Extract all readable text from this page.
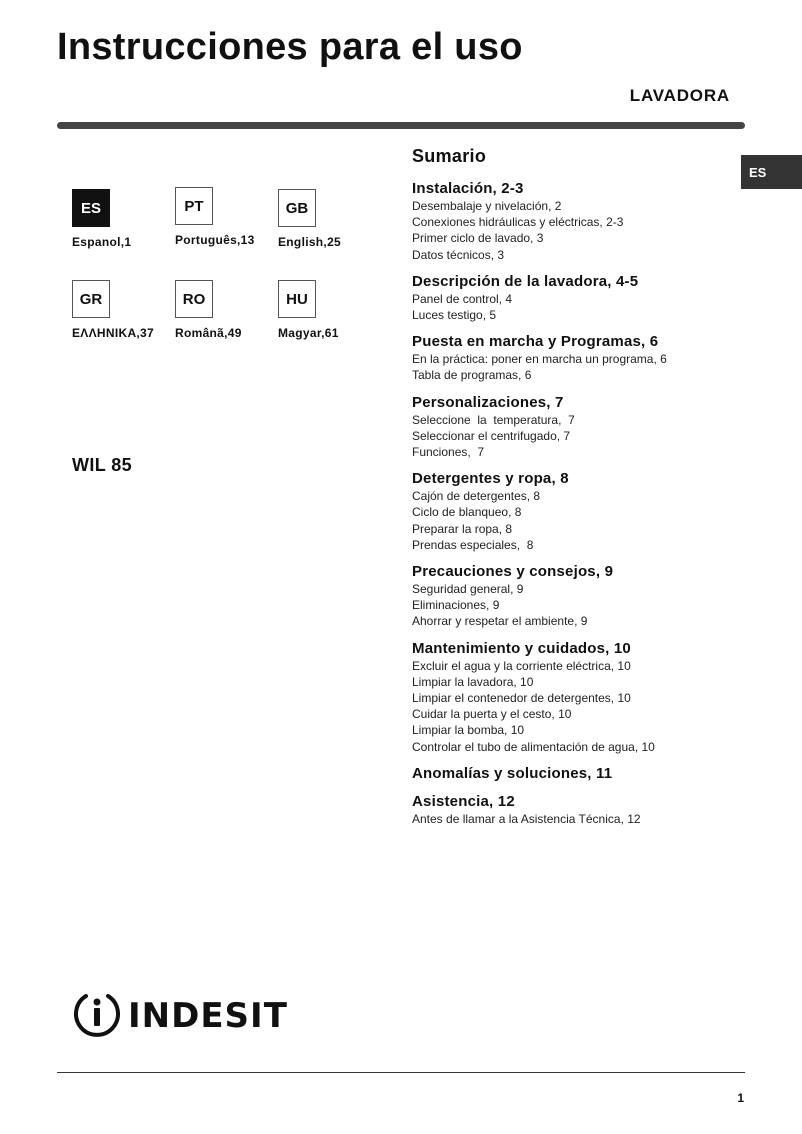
Instrucciones para el uso
LAVADORA
ES
ES
Espanol,1
PT
Português,13
GB
English,25
GR
ΕΛΛΗΝΙΚΑ,37
RO
Românã,49
HU
Magyar,61
WIL 85
Sumario
Instalación, 2-3
Desembalaje y nivelación, 2
Conexiones hidráulicas y eléctricas, 2-3
Primer ciclo de lavado, 3
Datos técnicos, 3
Descripción de la lavadora, 4-5
Panel de control, 4
Luces testigo, 5
Puesta en marcha y Programas, 6
En la práctica: poner en marcha un programa, 6
Tabla de programas, 6
Personalizaciones, 7
Seleccione  la  temperatura,  7
Seleccionar el centrifugado, 7
Funciones,  7
Detergentes y ropa, 8
Cajón de detergentes, 8
Ciclo de blanqueo, 8
Preparar la ropa, 8
Prendas especiales,  8
Precauciones y consejos, 9
Seguridad general, 9
Eliminaciones, 9
Ahorrar y respetar el ambiente, 9
Mantenimiento y cuidados, 10
Excluir el agua y la corriente eléctrica, 10
Limpiar la lavadora, 10
Limpiar el contenedor de detergentes, 10
Cuidar la puerta y el cesto, 10
Limpiar la bomba, 10
Controlar el tubo de alimentación de agua, 10
Anomalías y soluciones, 11
Asistencia, 12
Antes de llamar a la Asistencia Técnica, 12
INDESIT
1
